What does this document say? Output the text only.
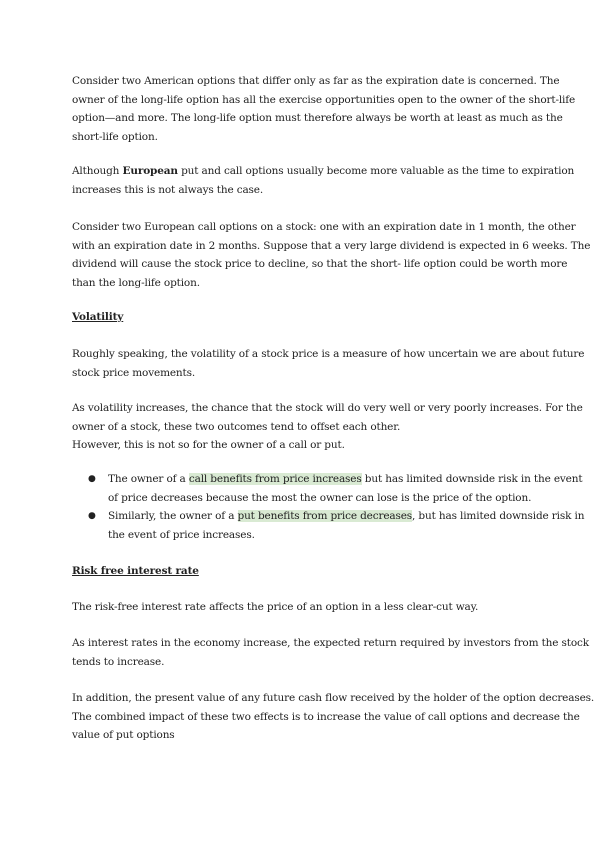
Consider two American options that differ only as far as the expiration date is concerned. The
owner of the long-life option has all the exercise opportunities open to the owner of the short-life
option—and more. The long-life option must therefore always be worth at least as much as the
short-life option.
Although European put and call options usually become more valuable as the time to expiration
increases this is not always the case.
Consider two European call options on a stock: one with an expiration date in 1 month, the other
with an expiration date in 2 months. Suppose that a very large dividend is expected in 6 weeks. The
dividend will cause the stock price to decline, so that the short- life option could be worth more
than the long-life option.
Volatility
Roughly speaking, the volatility of a stock price is a measure of how uncertain we are about future
stock price movements.
As volatility increases, the chance that the stock will do very well or very poorly increases. For the
owner of a stock, these two outcomes tend to offset each other.
However, this is not so for the owner of a call or put.
● The owner of a call benefits from price increases but has limited downside risk in the event
of price decreases because the most the owner can lose is the price of the option.
● Similarly, the owner of a put benefits from price decreases, but has limited downside risk in
the event of price increases.
Risk free interest rate
The risk-free interest rate affects the price of an option in a less clear-cut way.
As interest rates in the economy increase, the expected return required by investors from the stock
tends to increase.
In addition, the present value of any future cash flow received by the holder of the option decreases.
The combined impact of these two effects is to increase the value of call options and decrease the
value of put options
